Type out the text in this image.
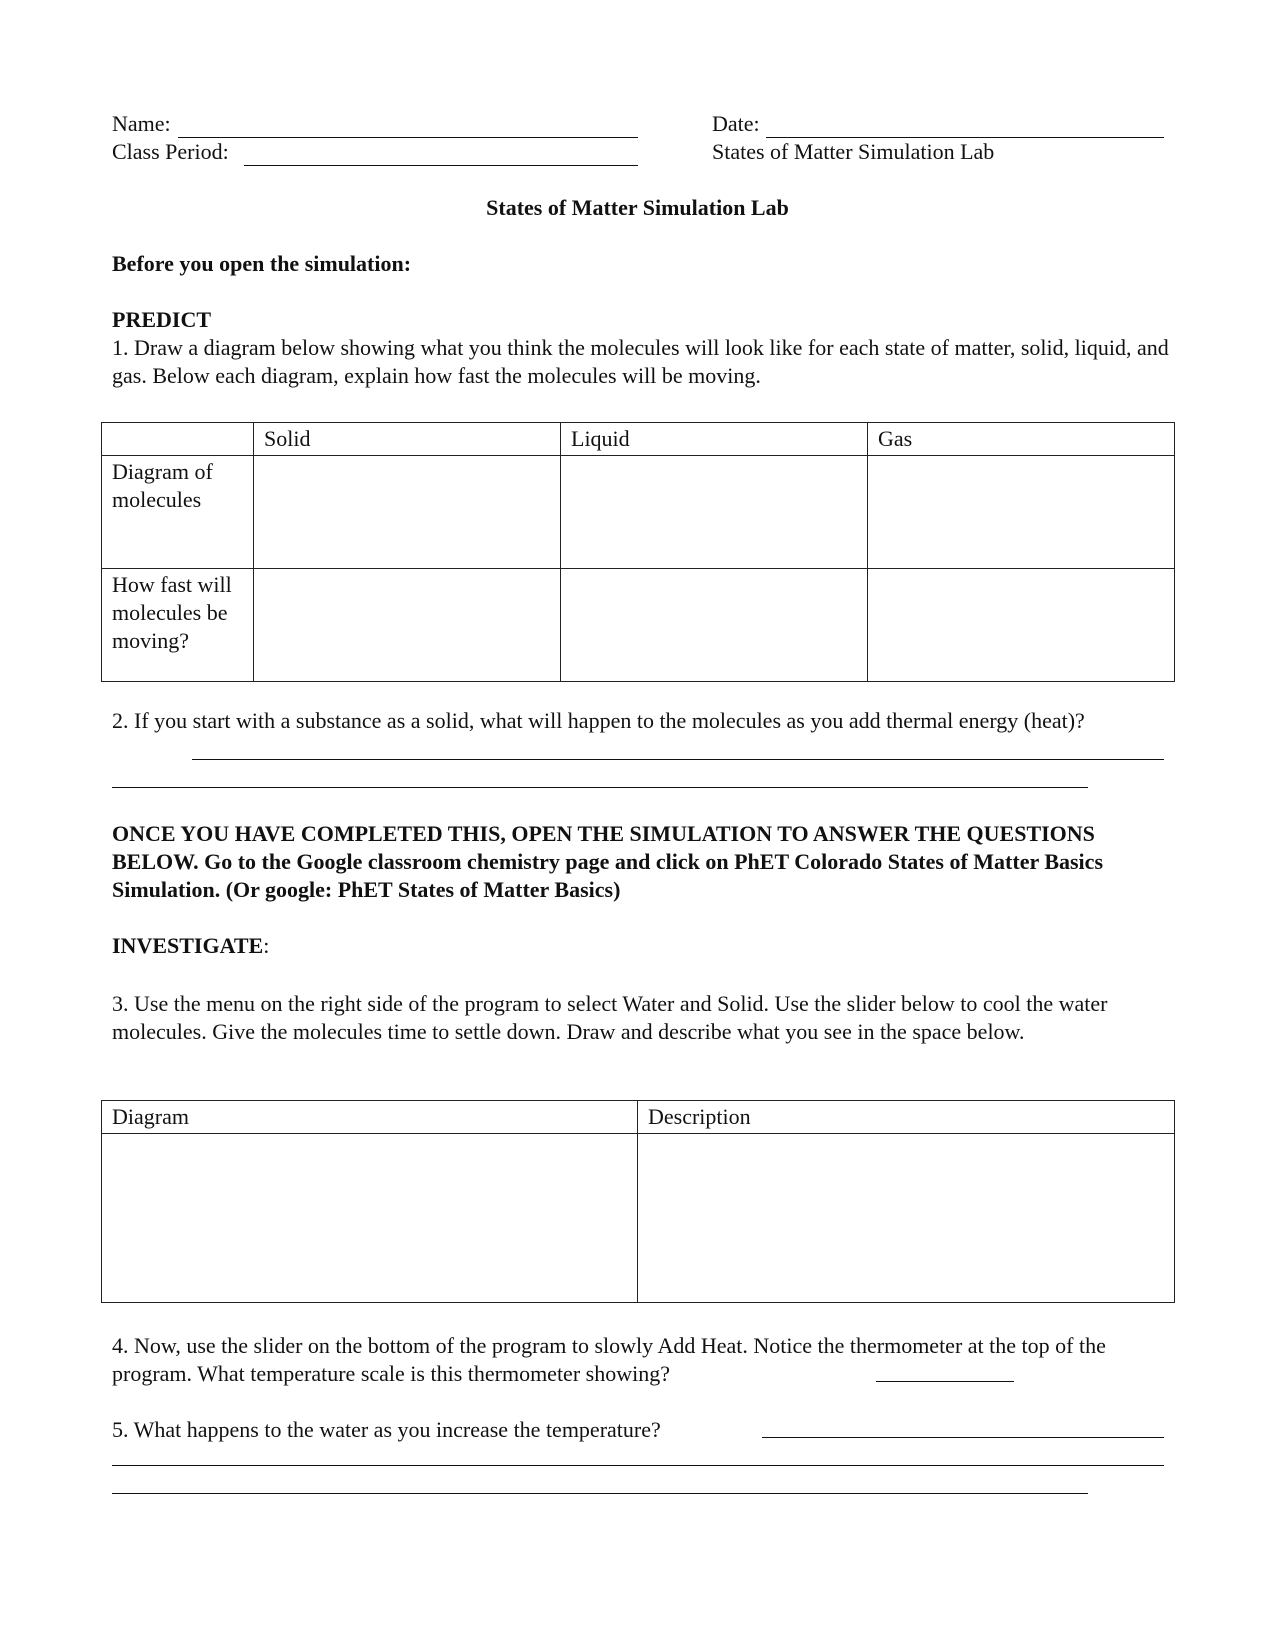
Name:
Class Period:
Date:
States of Matter Simulation Lab
States of Matter Simulation Lab
Before you open the simulation:
PREDICT
1. Draw a diagram below showing what you think the molecules will look like for each state of matter, solid, liquid, and gas. Below each diagram, explain how fast the molecules will be moving.
	Solid	Liquid	Gas
Diagram of molecules			
How fast will molecules be moving?			
2. If you start with a substance as a solid, what will happen to the molecules as you add thermal energy (heat)?
ONCE YOU HAVE COMPLETED THIS, OPEN THE SIMULATION TO ANSWER THE QUESTIONS BELOW. Go to the Google classroom chemistry page and click on PhET Colorado States of Matter Basics Simulation. (Or google: PhET States of Matter Basics)
INVESTIGATE:
3. Use the menu on the right side of the program to select Water and Solid. Use the slider below to cool the water molecules. Give the molecules time to settle down. Draw and describe what you see in the space below.
Diagram	Description

4. Now, use the slider on the bottom of the program to slowly Add Heat. Notice the thermometer at the top of the program. What temperature scale is this thermometer showing?
5. What happens to the water as you increase the temperature?
